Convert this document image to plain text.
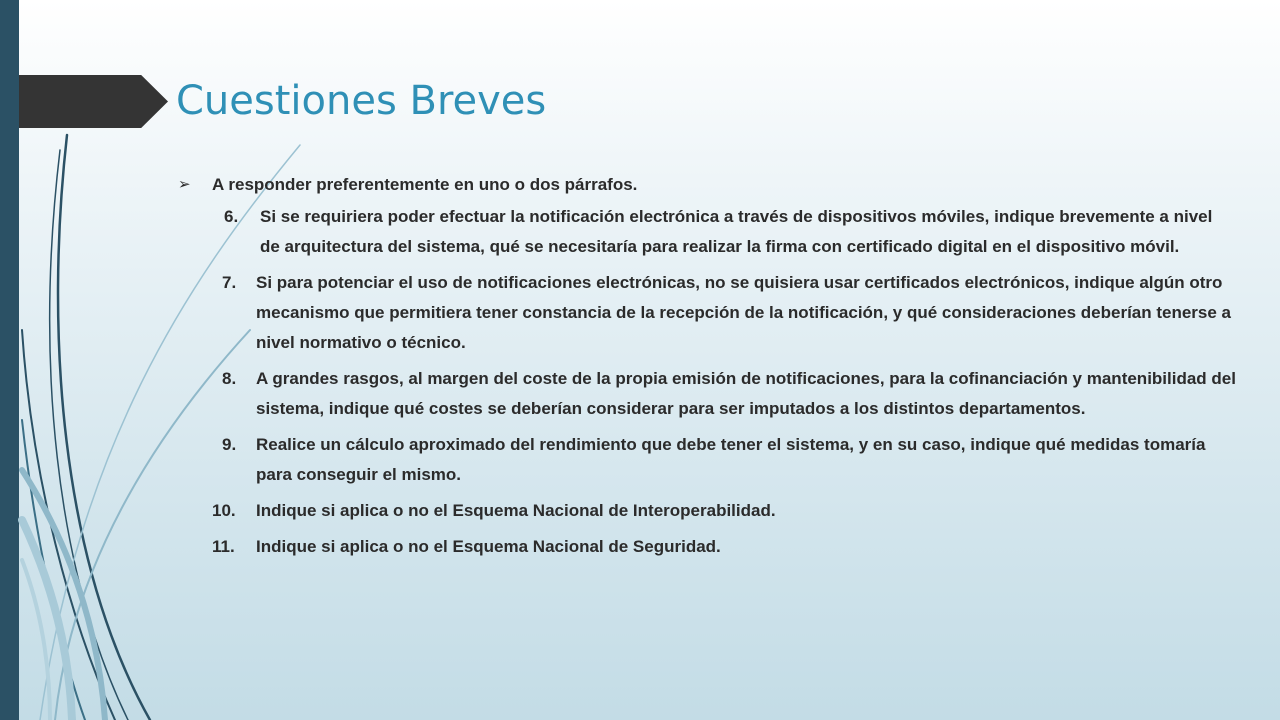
Cuestiones Breves
➢ A responder preferentemente en uno o dos párrafos.
6. Si se requiriera poder efectuar la notificación electrónica a través de dispositivos móviles, indique brevemente a nivel de arquitectura del sistema, qué se necesitaría para realizar la firma con certificado digital en el dispositivo móvil.
7. Si para potenciar el uso de notificaciones electrónicas, no se quisiera usar certificados electrónicos, indique algún otro mecanismo que permitiera tener constancia de la recepción de la notificación, y qué consideraciones deberían tenerse a nivel normativo o técnico.
8. A grandes rasgos, al margen del coste de la propia emisión de notificaciones, para la cofinanciación y mantenibilidad del sistema, indique qué costes se deberían considerar para ser imputados a los distintos departamentos.
9. Realice un cálculo aproximado del rendimiento que debe tener el sistema, y en su caso, indique qué medidas tomaría para conseguir el mismo.
10. Indique si aplica o no el Esquema Nacional de Interoperabilidad.
11. Indique si aplica o no el Esquema Nacional de Seguridad.
